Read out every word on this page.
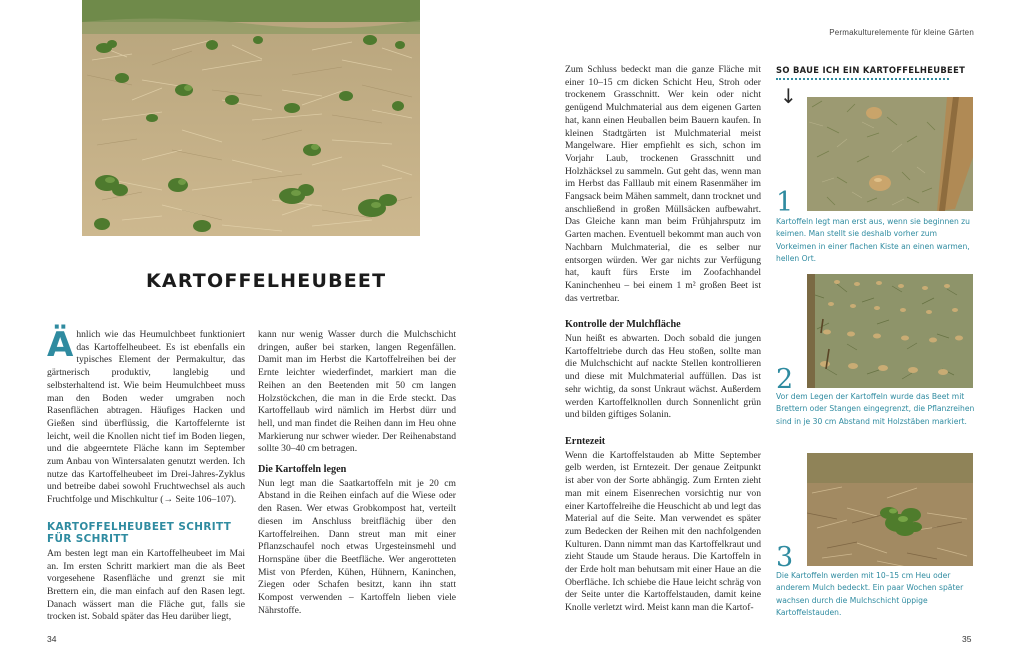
KARTOFFELHEUBEET

Ähnlich wie das Heumulchbeet funktioniert das Kartoffelheubeet. Es ist ebenfalls ein typisches Element der Permakultur, das gärtnerisch produktiv, langlebig und selbsterhaltend ist. Wie beim Heumulchbeet muss man den Boden weder umgraben noch Rasenflächen abtragen. Häufiges Hacken und Gießen sind überflüssig, die Kartoffelernte ist leicht, weil die Knollen nicht tief im Boden liegen, und die abgeerntete Fläche kann im September zum Anbau von Wintersalaten genutzt werden. Ich nutze das Kartoffelheubeet im Drei-Jahres-Zyklus und betreibe dabei sowohl Fruchtwechsel als auch Fruchtfolge und Mischkultur (→ Seite 106–107).

KARTOFFELHEUBEET SCHRITT
FÜR SCHRITT

Am besten legt man ein Kartoffelheubeet im Mai an. Im ersten Schritt markiert man die als Beet vorgesehene Rasenfläche und grenzt sie mit Brettern ein, die man einfach auf den Rasen legt. Danach wässert man die Fläche gut, falls sie trocken ist. Sobald später das Heu darüber liegt,

kann nur wenig Wasser durch die Mulchschicht dringen, außer bei starken, langen Regenfällen. Damit man im Herbst die Kartoffelreihen bei der Ernte leichter wiederfindet, markiert man die Reihen an den Beetenden mit 50 cm langen Holzstöckchen, die man in die Erde steckt. Das Kartoffellaub wird nämlich im Herbst dürr und hell, und man findet die Reihen dann im Heu ohne Markierung nur schwer wieder. Der Reihenabstand sollte 30–40 cm betragen.

Die Kartoffeln legen

Nun legt man die Saatkartoffeln mit je 20 cm Abstand in die Reihen einfach auf die Wiese oder den Rasen. Wer etwas Grobkompost hat, verteilt diesen im Anschluss breitflächig über den Kartoffelreihen. Dann streut man mit einer Pflanzschaufel noch etwas Urgesteinsmehl und Hornspäne über die Beetfläche. Wer angerotteten Mist von Pferden, Kühen, Hühnern, Kaninchen, Ziegen oder Schafen besitzt, kann ihn statt Kompost verwenden – Kartoffeln lieben viele Nährstoffe.

34
Permakulturelemente für kleine Gärten

Zum Schluss bedeckt man die ganze Fläche mit einer 10–15 cm dicken Schicht Heu, Stroh oder trockenem Grasschnitt. Wer kein oder nicht genügend Mulchmaterial aus dem eigenen Garten hat, kann einen Heuballen beim Bauern kaufen. In kleinen Stadtgärten ist Mulchmaterial meist Mangelware. Hier empfiehlt es sich, schon im Vorjahr Laub, trockenen Grasschnitt und Holzhäcksel zu sammeln. Gut geht das, wenn man im Herbst das Falllaub mit einem Rasenmäher im Fangsack beim Mähen sammelt, dann trocknet und anschließend in großen Müllsäcken aufbewahrt. Das Gleiche kann man beim Frühjahrsputz im Garten machen. Eventuell bekommt man auch von Nachbarn Mulchmaterial, die es selber nur entsorgen würden. Wer gar nichts zur Verfügung hat, kauft fürs Erste im Zoofachhandel Kaninchenheu – bei einem 1 m² großen Beet ist das vertretbar.

Kontrolle der Mulchfläche

Nun heißt es abwarten. Doch sobald die jungen Kartoffeltriebe durch das Heu stoßen, sollte man die Mulchschicht auf nackte Stellen kontrollieren und diese mit Mulchmaterial auffüllen. Das ist sehr wichtig, da sonst Unkraut wächst. Außerdem werden Kartoffelknollen durch Sonnenlicht grün und bilden giftiges Solanin.

Erntezeit

Wenn die Kartoffelstauden ab Mitte September gelb werden, ist Erntezeit. Der genaue Zeitpunkt ist aber von der Sorte abhängig. Zum Ernten zieht man mit einem Eisenrechen vorsichtig nur von einer Kartoffelreihe die Heuschicht ab und legt das Material auf die Seite. Man verwendet es später zum Bedecken der Reihen mit den nachfolgenden Kulturen. Dann nimmt man das Kartoffelkraut und zieht Staude um Staude heraus. Die Kartoffeln in der Erde holt man behutsam mit einer Haue an die Oberfläche. Ich schiebe die Haue leicht schräg von der Seite unter die Kartoffelstauden, damit keine Knolle verletzt wird. Meist kann man die Kartof-

SO BAUE ICH EIN KARTOFFELHEUBEET
↓
1
Kartoffeln legt man erst aus, wenn sie beginnen zu keimen. Man stellt sie deshalb vorher zum Vorkeimen in einer flachen Kiste an einen warmen, hellen Ort.
2
Vor dem Legen der Kartoffeln wurde das Beet mit Brettern oder Stangen eingegrenzt, die Pflanzreihen sind in je 30 cm Abstand mit Holzstäben markiert.
3
Die Kartoffeln werden mit 10–15 cm Heu oder anderem Mulch bedeckt. Ein paar Wochen später wachsen durch die Mulchschicht üppige Kartoffelstauden.
35
